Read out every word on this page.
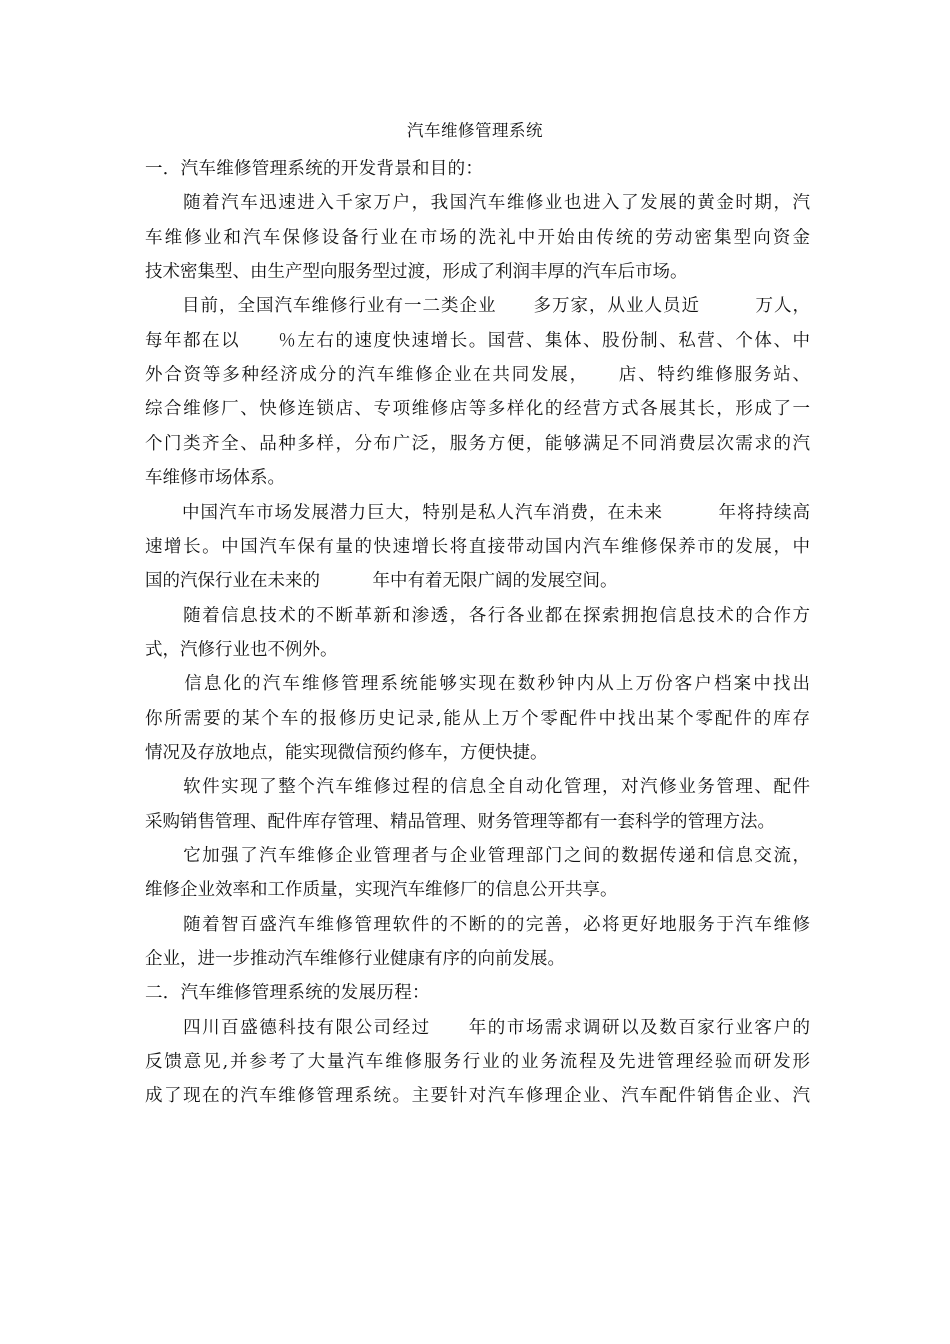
汽车维修管理系统
一．汽车维修管理系统的开发背景和目的：
　　随着汽车迅速进入千家万户，我国汽车维修业也进入了发展的黄金时期，汽
车维修业和汽车保修设备行业在市场的洗礼中开始由传统的劳动密集型向资金
技术密集型、由生产型向服务型过渡，形成了利润丰厚的汽车后市场。
　　目前，全国汽车维修行业有一二类企业　　多万家，从业人员近　　　万人，
每年都在以　　％左右的速度快速增长。国营、集体、股份制、私营、个体、中
外合资等多种经济成分的汽车维修企业在共同发展，　　店、特约维修服务站、
综合维修厂、快修连锁店、专项维修店等多样化的经营方式各展其长，形成了一
个门类齐全、品种多样，分布广泛，服务方便，能够满足不同消费层次需求的汽
车维修市场体系。
　　中国汽车市场发展潜力巨大，特别是私人汽车消费，在未来　　　年将持续高
速增长。中国汽车保有量的快速增长将直接带动国内汽车维修保养市的发展，中
国的汽保行业在未来的　　　年中有着无限广阔的发展空间。
　　随着信息技术的不断革新和渗透，各行各业都在探索拥抱信息技术的合作方
式，汽修行业也不例外。
　　信息化的汽车维修管理系统能够实现在数秒钟内从上万份客户档案中找出
你所需要的某个车的报修历史记录,能从上万个零配件中找出某个零配件的库存
情况及存放地点，能实现微信预约修车，方便快捷。
　　软件实现了整个汽车维修过程的信息全自动化管理，对汽修业务管理、配件
采购销售管理、配件库存管理、精品管理、财务管理等都有一套科学的管理方法。
　　它加强了汽车维修企业管理者与企业管理部门之间的数据传递和信息交流，
维修企业效率和工作质量，实现汽车维修厂的信息公开共享。
　　随着智百盛汽车维修管理软件的不断的的完善，必将更好地服务于汽车维修
企业，进一步推动汽车维修行业健康有序的向前发展。
二．汽车维修管理系统的发展历程：
　　四川百盛德科技有限公司经过　　年的市场需求调研以及数百家行业客户的
反馈意见,并参考了大量汽车维修服务行业的业务流程及先进管理经验而研发形
成了现在的汽车维修管理系统。主要针对汽车修理企业、汽车配件销售企业、汽
